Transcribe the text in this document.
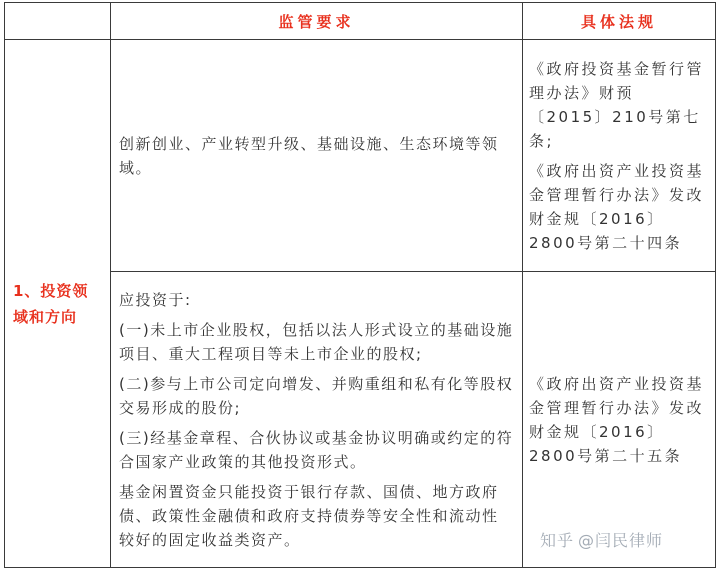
	监管要求	具体法规
1、投资领域和方向	创新创业、产业转型升级、基础设施、生态环境等领域。	《政府投资基金暂行管理办法》财预〔2015〕210号第七条;

《政府出资产业投资基金管理暂行办法》发改财金规〔2016〕2800号第二十四条

	应投资于:

(一)未上市企业股权，包括以法人形式设立的基础设施项目、重大工程项目等未上市企业的股权;

(二)参与上市公司定向增发、并购重组和私有化等股权交易形成的股份;

(三)经基金章程、合伙协议或基金协议明确或约定的符合国家产业政策的其他投资形式。

基金闲置资金只能投资于银行存款、国债、地方政府债、政策性金融债和政府支持债券等安全性和流动性较好的固定收益类资产。	《政府出资产业投资基金管理暂行办法》发改财金规〔2016〕2800号第二十五条

知乎 @闫民律师
